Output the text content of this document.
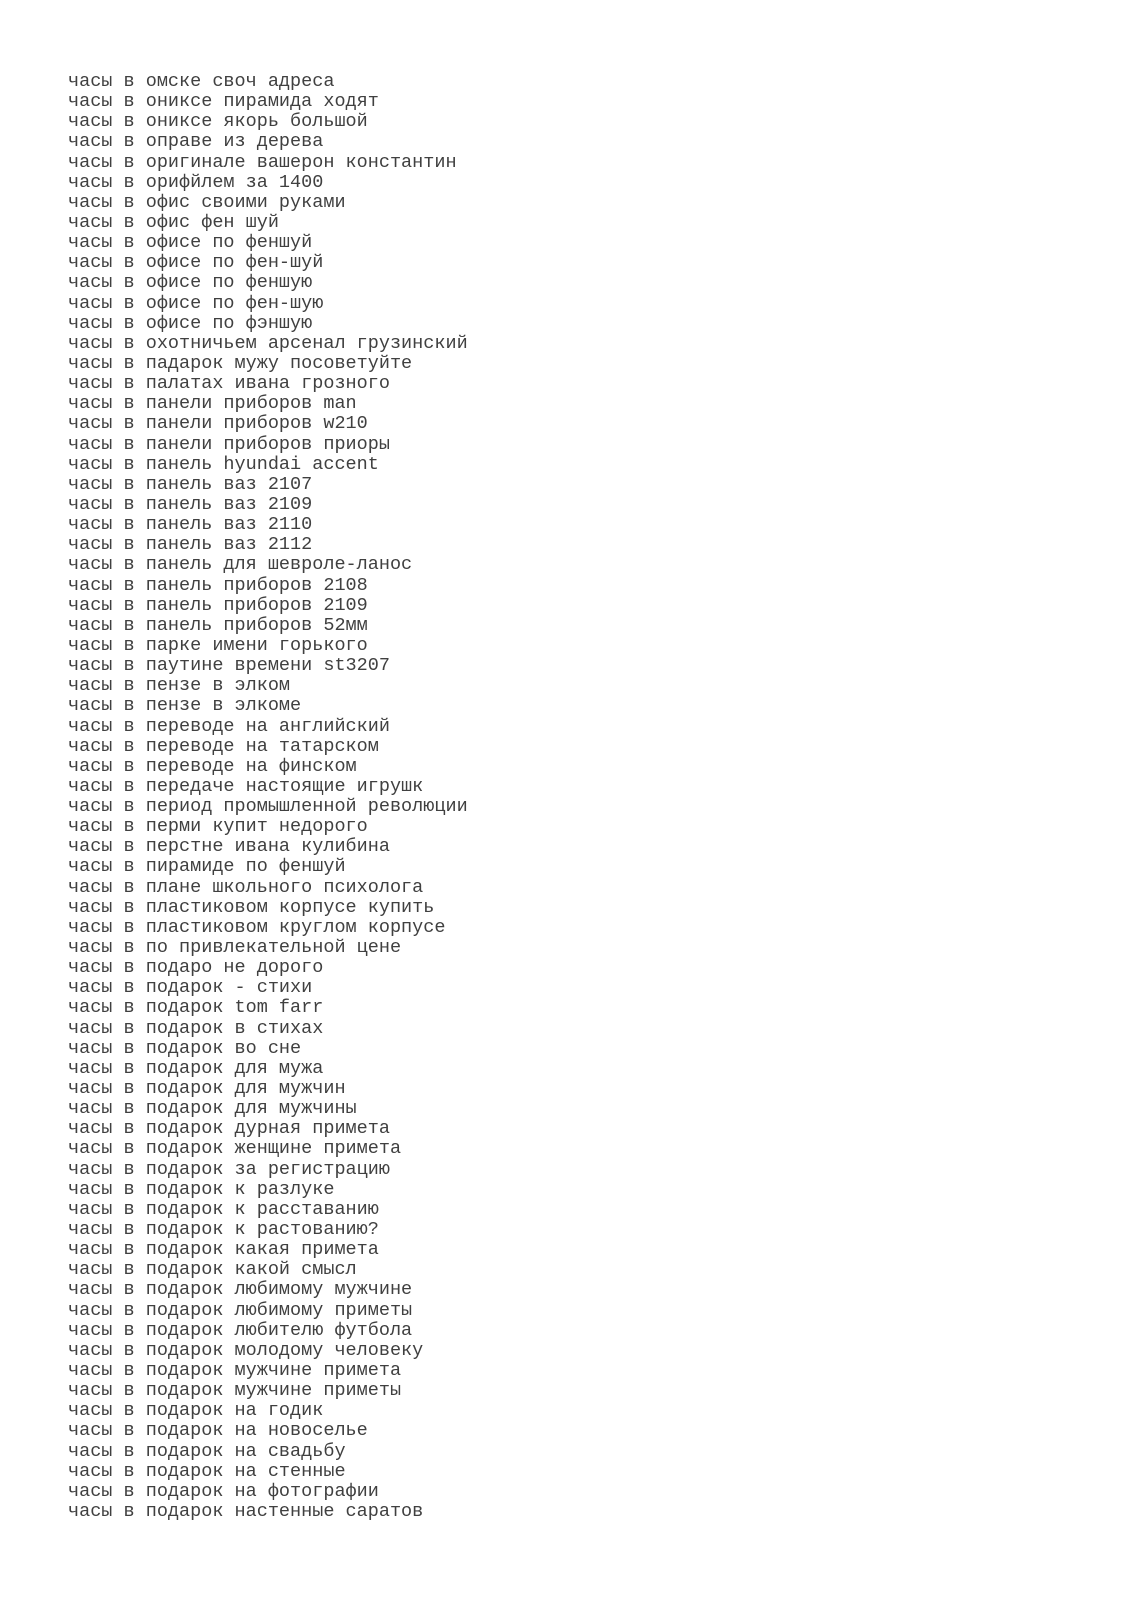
часы в омске своч адреса
часы в ониксе пирамида ходят
часы в ониксе якорь большой
часы в оправе из дерева
часы в оригинале вашерон константин
часы в орифйлем за 1400
часы в офис своими руками
часы в офис фен шуй
часы в офисе по феншуй
часы в офисе по фен-шуй
часы в офисе по феншую
часы в офисе по фен-шую
часы в офисе по фэншую
часы в охотничьем арсенал грузинский
часы в падарок мужу посоветуйте
часы в палатах ивана грозного
часы в панели приборов man
часы в панели приборов w210
часы в панели приборов приоры
часы в панель hyundai accent
часы в панель ваз 2107
часы в панель ваз 2109
часы в панель ваз 2110
часы в панель ваз 2112
часы в панель для шевроле-ланос
часы в панель приборов 2108
часы в панель приборов 2109
часы в панель приборов 52мм
часы в парке имени горького
часы в паутине времени st3207
часы в пензе в элком
часы в пензе в элкоме
часы в переводе на английский
часы в переводе на татарском
часы в переводе на финском
часы в передаче настоящие игрушк
часы в период промышленной революции
часы в перми купит недорого
часы в перстне ивана кулибина
часы в пирамиде по феншуй
часы в плане школьного психолога
часы в пластиковом корпусе купить
часы в пластиковом круглом корпусе
часы в по привлекательной цене
часы в подаро не дорого
часы в подарок - стихи
часы в подарок tom farr
часы в подарок в стихах
часы в подарок во сне
часы в подарок для мужа
часы в подарок для мужчин
часы в подарок для мужчины
часы в подарок дурная примета
часы в подарок женщине примета
часы в подарок за регистрацию
часы в подарок к разлуке
часы в подарок к расставанию
часы в подарок к растованию?
часы в подарок какая примета
часы в подарок какой смысл
часы в подарок любимому мужчине
часы в подарок любимому приметы
часы в подарок любителю футбола
часы в подарок молодому человеку
часы в подарок мужчине примета
часы в подарок мужчине приметы
часы в подарок на годик
часы в подарок на новоселье
часы в подарок на свадьбу
часы в подарок на стенные
часы в подарок на фотографии
часы в подарок настенные саратов
